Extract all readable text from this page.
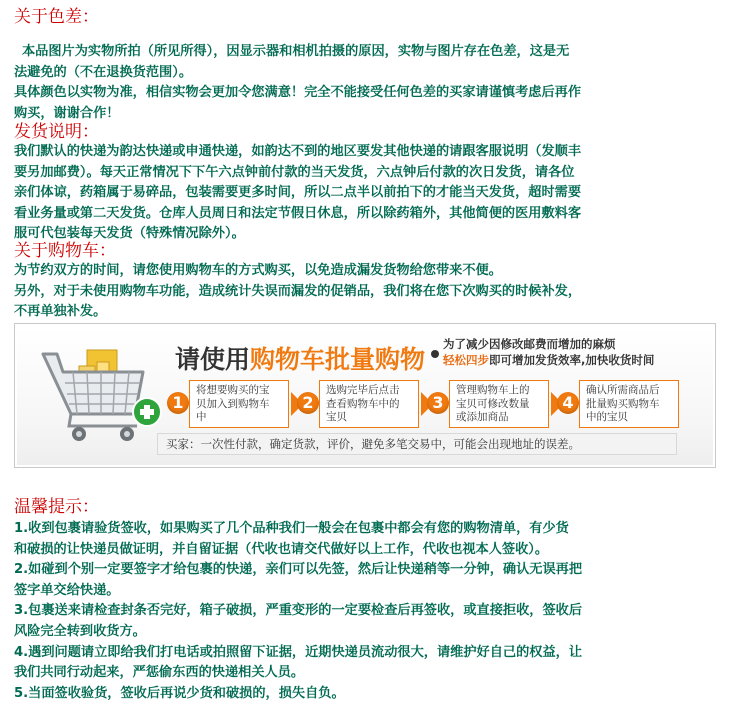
关于色差：
本品图片为实物所拍（所见所得），因显示器和相机拍摄的原因，实物与图片存在色差，这是无
法避免的（不在退换货范围）。
具体颜色以实物为准，相信实物会更加令您满意！完全不能接受任何色差的买家请谨慎考虑后再作
购买，谢谢合作！
发货说明：
我们默认的快递为韵达快递或申通快递，如韵达不到的地区要发其他快递的请跟客服说明（发顺丰
要另加邮费）。每天正常情况下下午六点钟前付款的当天发货，六点钟后付款的次日发货，请各位
亲们体谅，药箱属于易碎品，包装需要更多时间，所以二点半以前拍下的才能当天发货，超时需要
看业务量或第二天发货。仓库人员周日和法定节假日休息，所以除药箱外，其他简便的医用敷料客
服可代包装每天发货（特殊情况除外）。
关于购物车：
为节约双方的时间，请您使用购物车的方式购买，以免造成漏发货物给您带来不便。
另外，对于未使用购物车功能，造成统计失误而漏发的促销品，我们将在您下次购买的时候补发，
不再单独补发。
请使用购物车批量购物
为了减少因修改邮费而增加的麻烦
轻松四步即可增加发货效率,加快收货时间
1
将想要购买的宝
贝加入到购物车
中
2
选购完毕后点击
查看购物车中的
宝贝
3
管理购物车上的
宝贝可修改数量
或添加商品
4
确认所需商品后
批量购买购物车
中的宝贝
买家：一次性付款，确定货款，评价，避免多笔交易中，可能会出现地址的误差。
温馨提示：
1.收到包裹请验货签收，如果购买了几个品种我们一般会在包裹中都会有您的购物清单，有少货
和破损的让快递员做证明，并自留证据（代收也请交代做好以上工作，代收也视本人签收）。
2.如碰到个别一定要签字才给包裹的快递，亲们可以先签，然后让快递稍等一分钟，确认无误再把
签字单交给快递。
3.包裹送来请检查封条否完好，箱子破损，严重变形的一定要检查后再签收，或直接拒收，签收后
风险完全转到收货方。
4.遇到问题请立即给我们打电话或拍照留下证据，近期快递员流动很大，请维护好自己的权益，让
我们共同行动起来，严惩偷东西的快递相关人员。
5.当面签收验货，签收后再说少货和破损的，损失自负。
